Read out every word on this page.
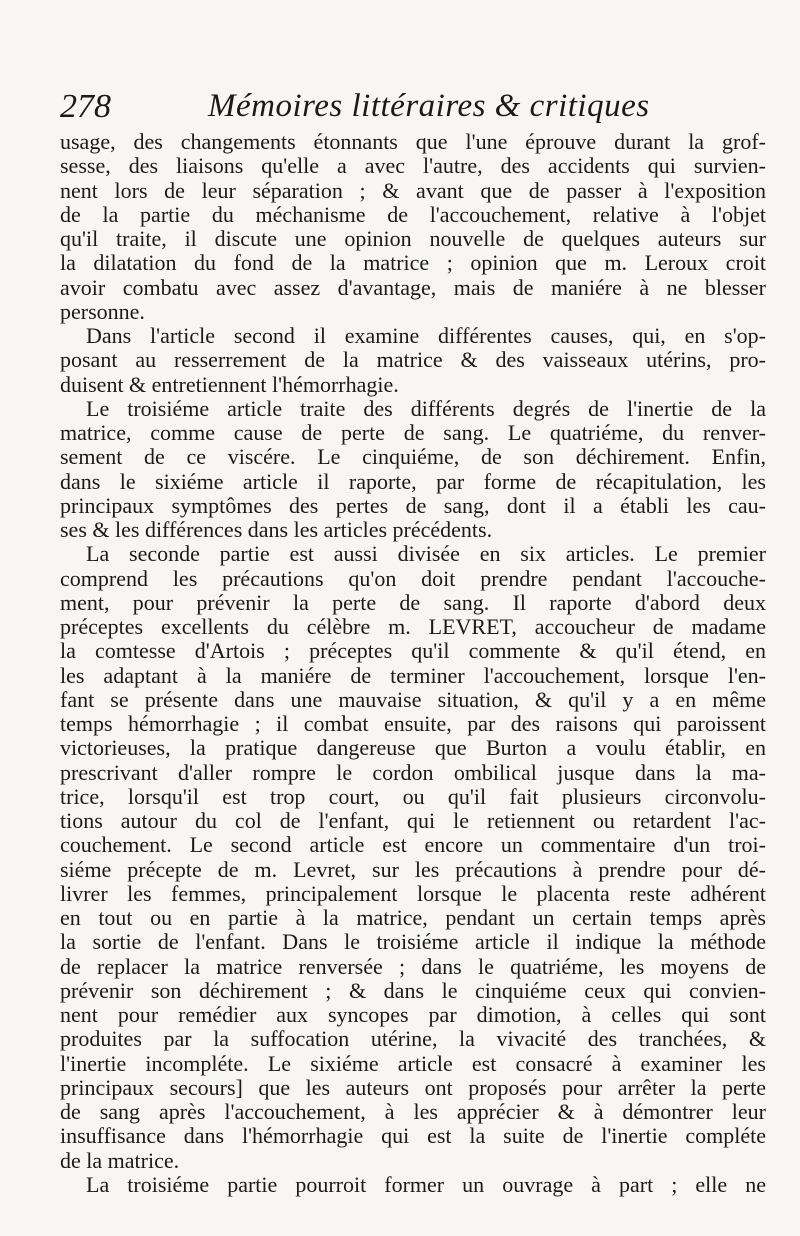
278	Mémoires littéraires & critiques
usage, des changements étonnants que l'une éprouve durant la grof-
sesse, des liaisons qu'elle a avec l'autre, des accidents qui survien-
nent lors de leur séparation ; & avant que de passer à l'exposition
de la partie du méchanisme de l'accouchement, relative à l'objet
qu'il traite, il discute une opinion nouvelle de quelques auteurs sur
la dilatation du fond de la matrice ; opinion que m. Leroux croit
avoir combatu avec assez d'avantage, mais de maniére à ne blesser
personne.
Dans l'article second il examine différentes causes, qui, en s'op-
posant au resserrement de la matrice & des vaisseaux utérins, pro-
duisent & entretiennent l'hémorrhagie.
Le troisiéme article traite des différents degrés de l'inertie de la
matrice, comme cause de perte de sang. Le quatriéme, du renver-
sement de ce viscére. Le cinquiéme, de son déchirement. Enfin,
dans le sixiéme article il raporte, par forme de récapitulation, les
principaux symptômes des pertes de sang, dont il a établi les cau-
ses & les différences dans les articles précédents.
La seconde partie est aussi divisée en six articles. Le premier
comprend les précautions qu'on doit prendre pendant l'accouche-
ment, pour prévenir la perte de sang. Il raporte d'abord deux
préceptes excellents du célèbre m. LEVRET, accoucheur de madame
la comtesse d'Artois ; préceptes qu'il commente & qu'il étend, en
les adaptant à la maniére de terminer l'accouchement, lorsque l'en-
fant se présente dans une mauvaise situation, & qu'il y a en même
temps hémorrhagie ; il combat ensuite, par des raisons qui paroissent
victorieuses, la pratique dangereuse que Burton a voulu établir, en
prescrivant d'aller rompre le cordon ombilical jusque dans la ma-
trice, lorsqu'il est trop court, ou qu'il fait plusieurs circonvolu-
tions autour du col de l'enfant, qui le retiennent ou retardent l'ac-
couchement. Le second article est encore un commentaire d'un troi-
siéme précepte de m. Levret, sur les précautions à prendre pour dé-
livrer les femmes, principalement lorsque le placenta reste adhérent
en tout ou en partie à la matrice, pendant un certain temps après
la sortie de l'enfant. Dans le troisiéme article il indique la méthode
de replacer la matrice renversée ; dans le quatriéme, les moyens de
prévenir son déchirement ; & dans le cinquiéme ceux qui convien-
nent pour remédier aux syncopes par dimotion, à celles qui sont
produites par la suffocation utérine, la vivacité des tranchées, &
l'inertie incompléte. Le sixiéme article est consacré à examiner les
principaux secours] que les auteurs ont proposés pour arrêter la perte
de sang après l'accouchement, à les apprécier & à démontrer leur
insuffisance dans l'hémorrhagie qui est la suite de l'inertie compléte
de la matrice.
La troisiéme partie pourroit former un ouvrage à part ; elle ne
